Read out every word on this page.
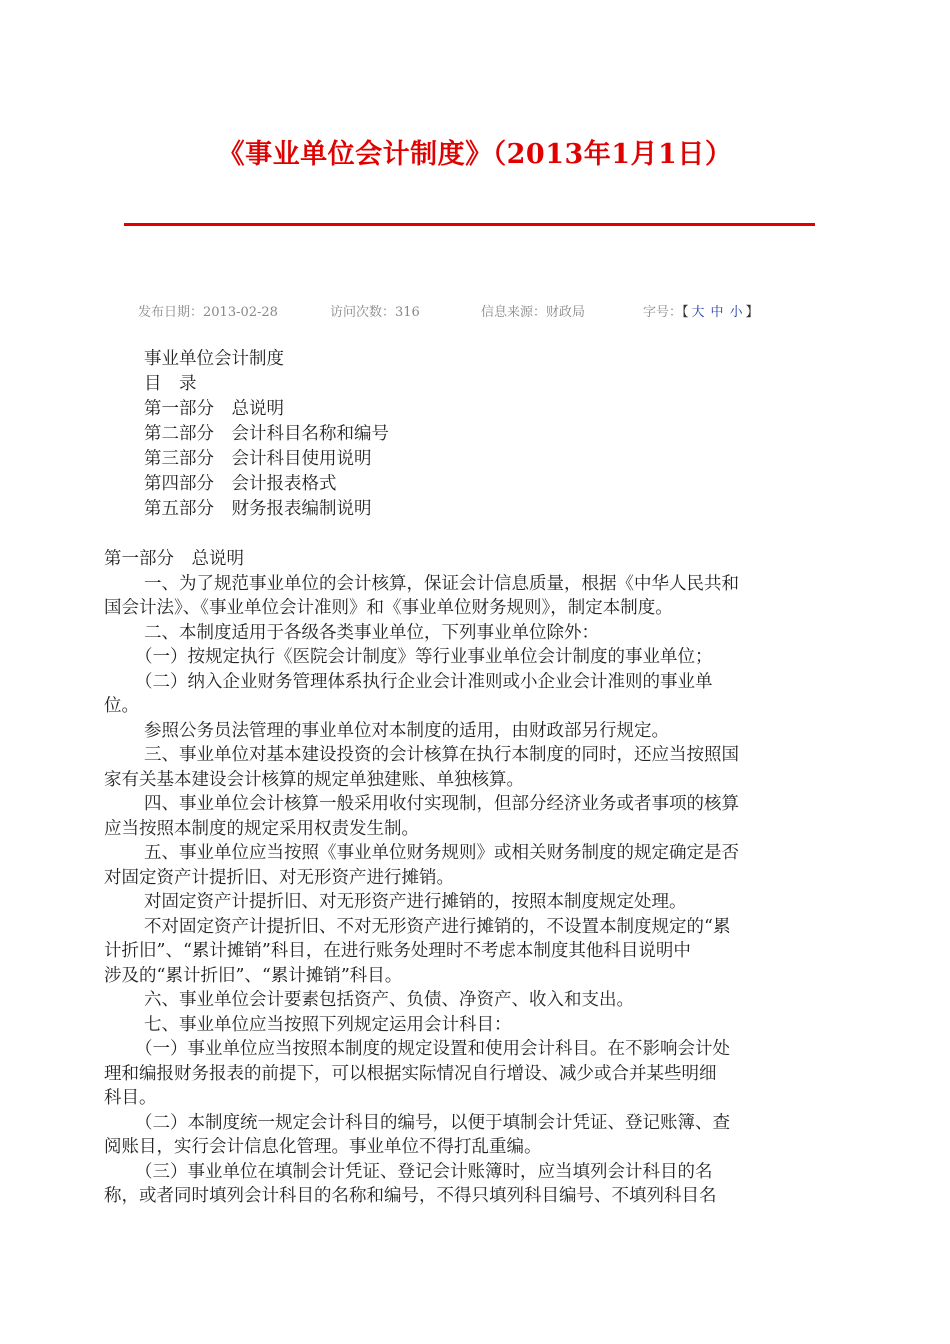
《事业单位会计制度》（2013年1月1日）
发布日期：2013-02-28	访问次数：316	信息来源：财政局	字号：【 大 中 小 】
事业单位会计制度
目　录
第一部分　总说明
第二部分　会计科目名称和编号
第三部分　会计科目使用说明
第四部分　会计报表格式
第五部分　财务报表编制说明

第一部分　总说明

一、为了规范事业单位的会计核算，保证会计信息质量，根据《中华人民共和

国会计法》、《事业单位会计准则》和《事业单位财务规则》，制定本制度。

二、本制度适用于各级各类事业单位，下列事业单位除外：

（一）按规定执行《医院会计制度》等行业事业单位会计制度的事业单位；

（二）纳入企业财务管理体系执行企业会计准则或小企业会计准则的事业单

位。

参照公务员法管理的事业单位对本制度的适用，由财政部另行规定。

三、事业单位对基本建设投资的会计核算在执行本制度的同时，还应当按照国

家有关基本建设会计核算的规定单独建账、单独核算。

四、事业单位会计核算一般采用收付实现制，但部分经济业务或者事项的核算

应当按照本制度的规定采用权责发生制。

五、事业单位应当按照《事业单位财务规则》或相关财务制度的规定确定是否

对固定资产计提折旧、对无形资产进行摊销。

对固定资产计提折旧、对无形资产进行摊销的，按照本制度规定处理。

不对固定资产计提折旧、不对无形资产进行摊销的，不设置本制度规定的“累

计折旧”、“累计摊销”科目，在进行账务处理时不考虑本制度其他科目说明中

涉及的“累计折旧”、“累计摊销”科目。

六、事业单位会计要素包括资产、负债、净资产、收入和支出。

七、事业单位应当按照下列规定运用会计科目：

（一）事业单位应当按照本制度的规定设置和使用会计科目。在不影响会计处

理和编报财务报表的前提下，可以根据实际情况自行增设、减少或合并某些明细

科目。

（二）本制度统一规定会计科目的编号，以便于填制会计凭证、登记账簿、查

阅账目，实行会计信息化管理。事业单位不得打乱重编。

（三）事业单位在填制会计凭证、登记会计账簿时，应当填列会计科目的名

称，或者同时填列会计科目的名称和编号，不得只填列科目编号、不填列科目名
